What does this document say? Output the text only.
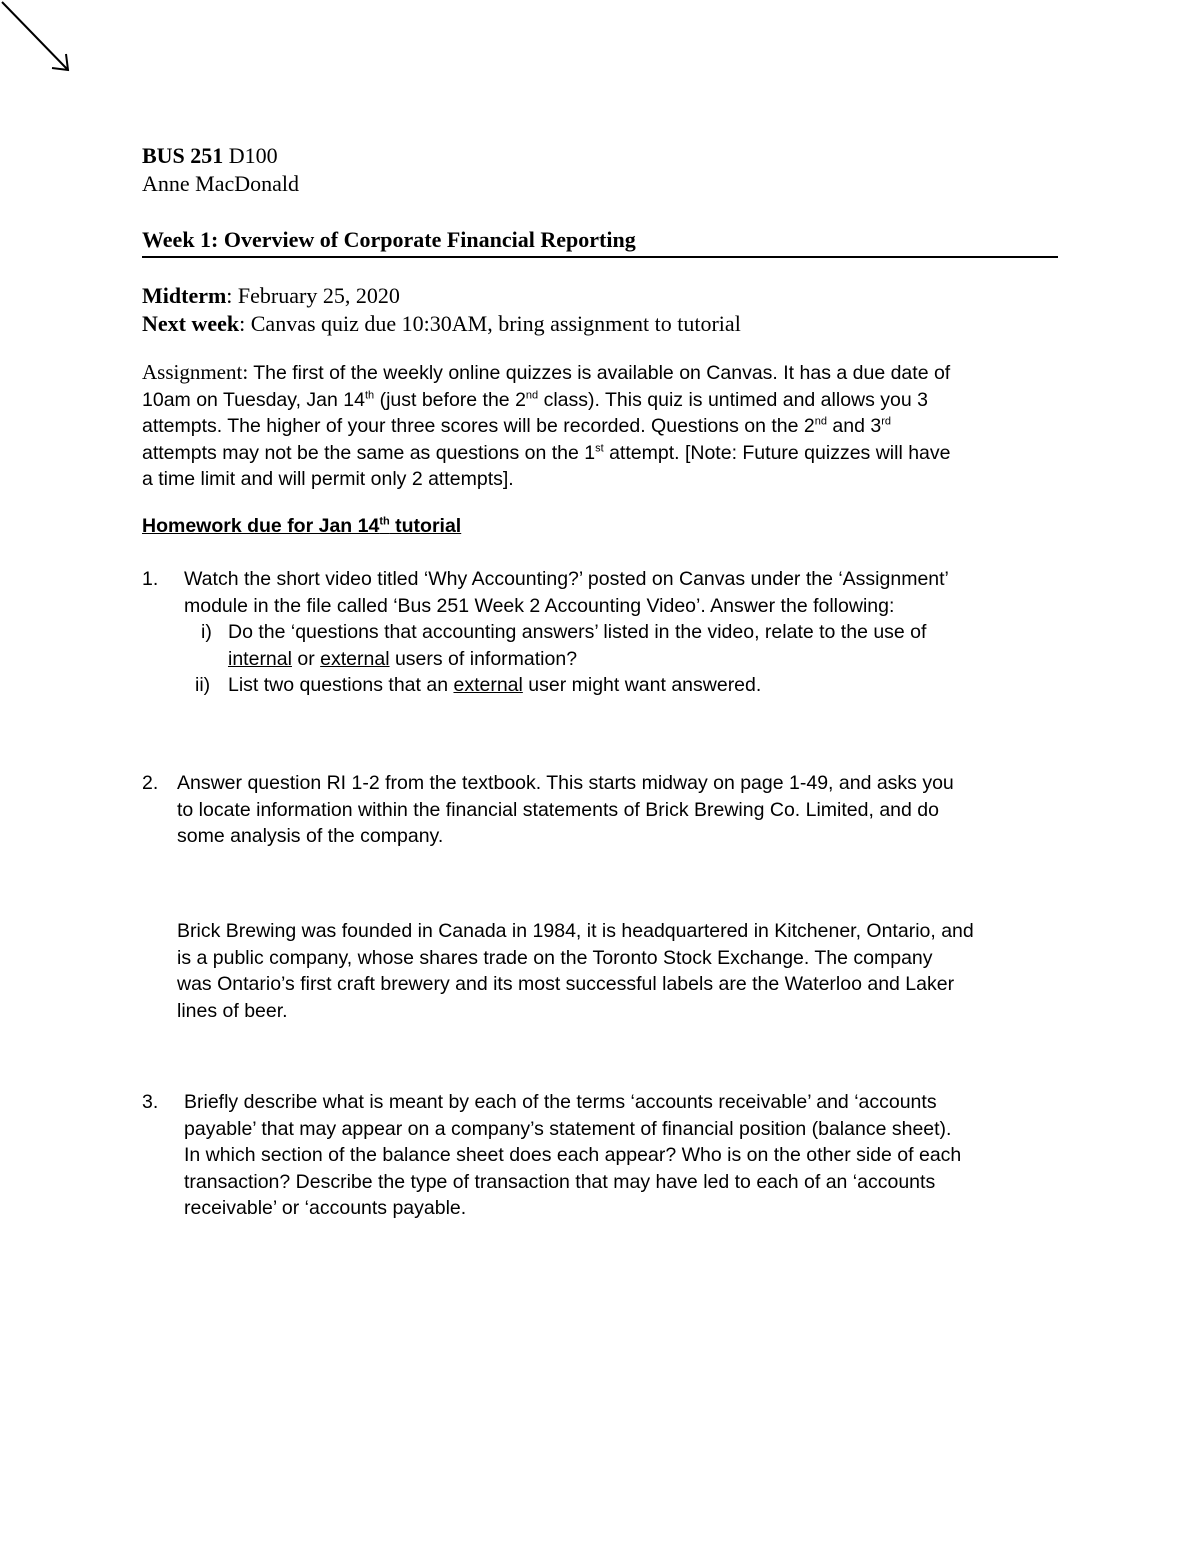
BUS 251 D100
Anne MacDonald
Week 1: Overview of Corporate Financial Reporting
Midterm: February 25, 2020
Next week: Canvas quiz due 10:30AM, bring assignment to tutorial
Assignment: The first of the weekly online quizzes is available on Canvas. It has a due date of
10am on Tuesday, Jan 14th (just before the 2nd class). This quiz is untimed and allows you 3
attempts. The higher of your three scores will be recorded. Questions on the 2nd and 3rd
attempts may not be the same as questions on the 1st attempt. [Note: Future quizzes will have
a time limit and will permit only 2 attempts].
Homework due for Jan 14th tutorial
1. Watch the short video titled ‘Why Accounting?’ posted on Canvas under the ‘Assignment’
module in the file called ‘Bus 251 Week 2 Accounting Video’. Answer the following:
i) Do the ‘questions that accounting answers’ listed in the video, relate to the use of
internal or external users of information?
ii) List two questions that an external user might want answered.
2. Answer question RI 1-2 from the textbook. This starts midway on page 1-49, and asks you
to locate information within the financial statements of Brick Brewing Co. Limited, and do
some analysis of the company.
Brick Brewing was founded in Canada in 1984, it is headquartered in Kitchener, Ontario, and
is a public company, whose shares trade on the Toronto Stock Exchange. The company
was Ontario’s first craft brewery and its most successful labels are the Waterloo and Laker
lines of beer.
3. Briefly describe what is meant by each of the terms ‘accounts receivable’ and ‘accounts
payable’ that may appear on a company’s statement of financial position (balance sheet).
In which section of the balance sheet does each appear? Who is on the other side of each
transaction? Describe the type of transaction that may have led to each of an ‘accounts
receivable’ or ‘accounts payable.
